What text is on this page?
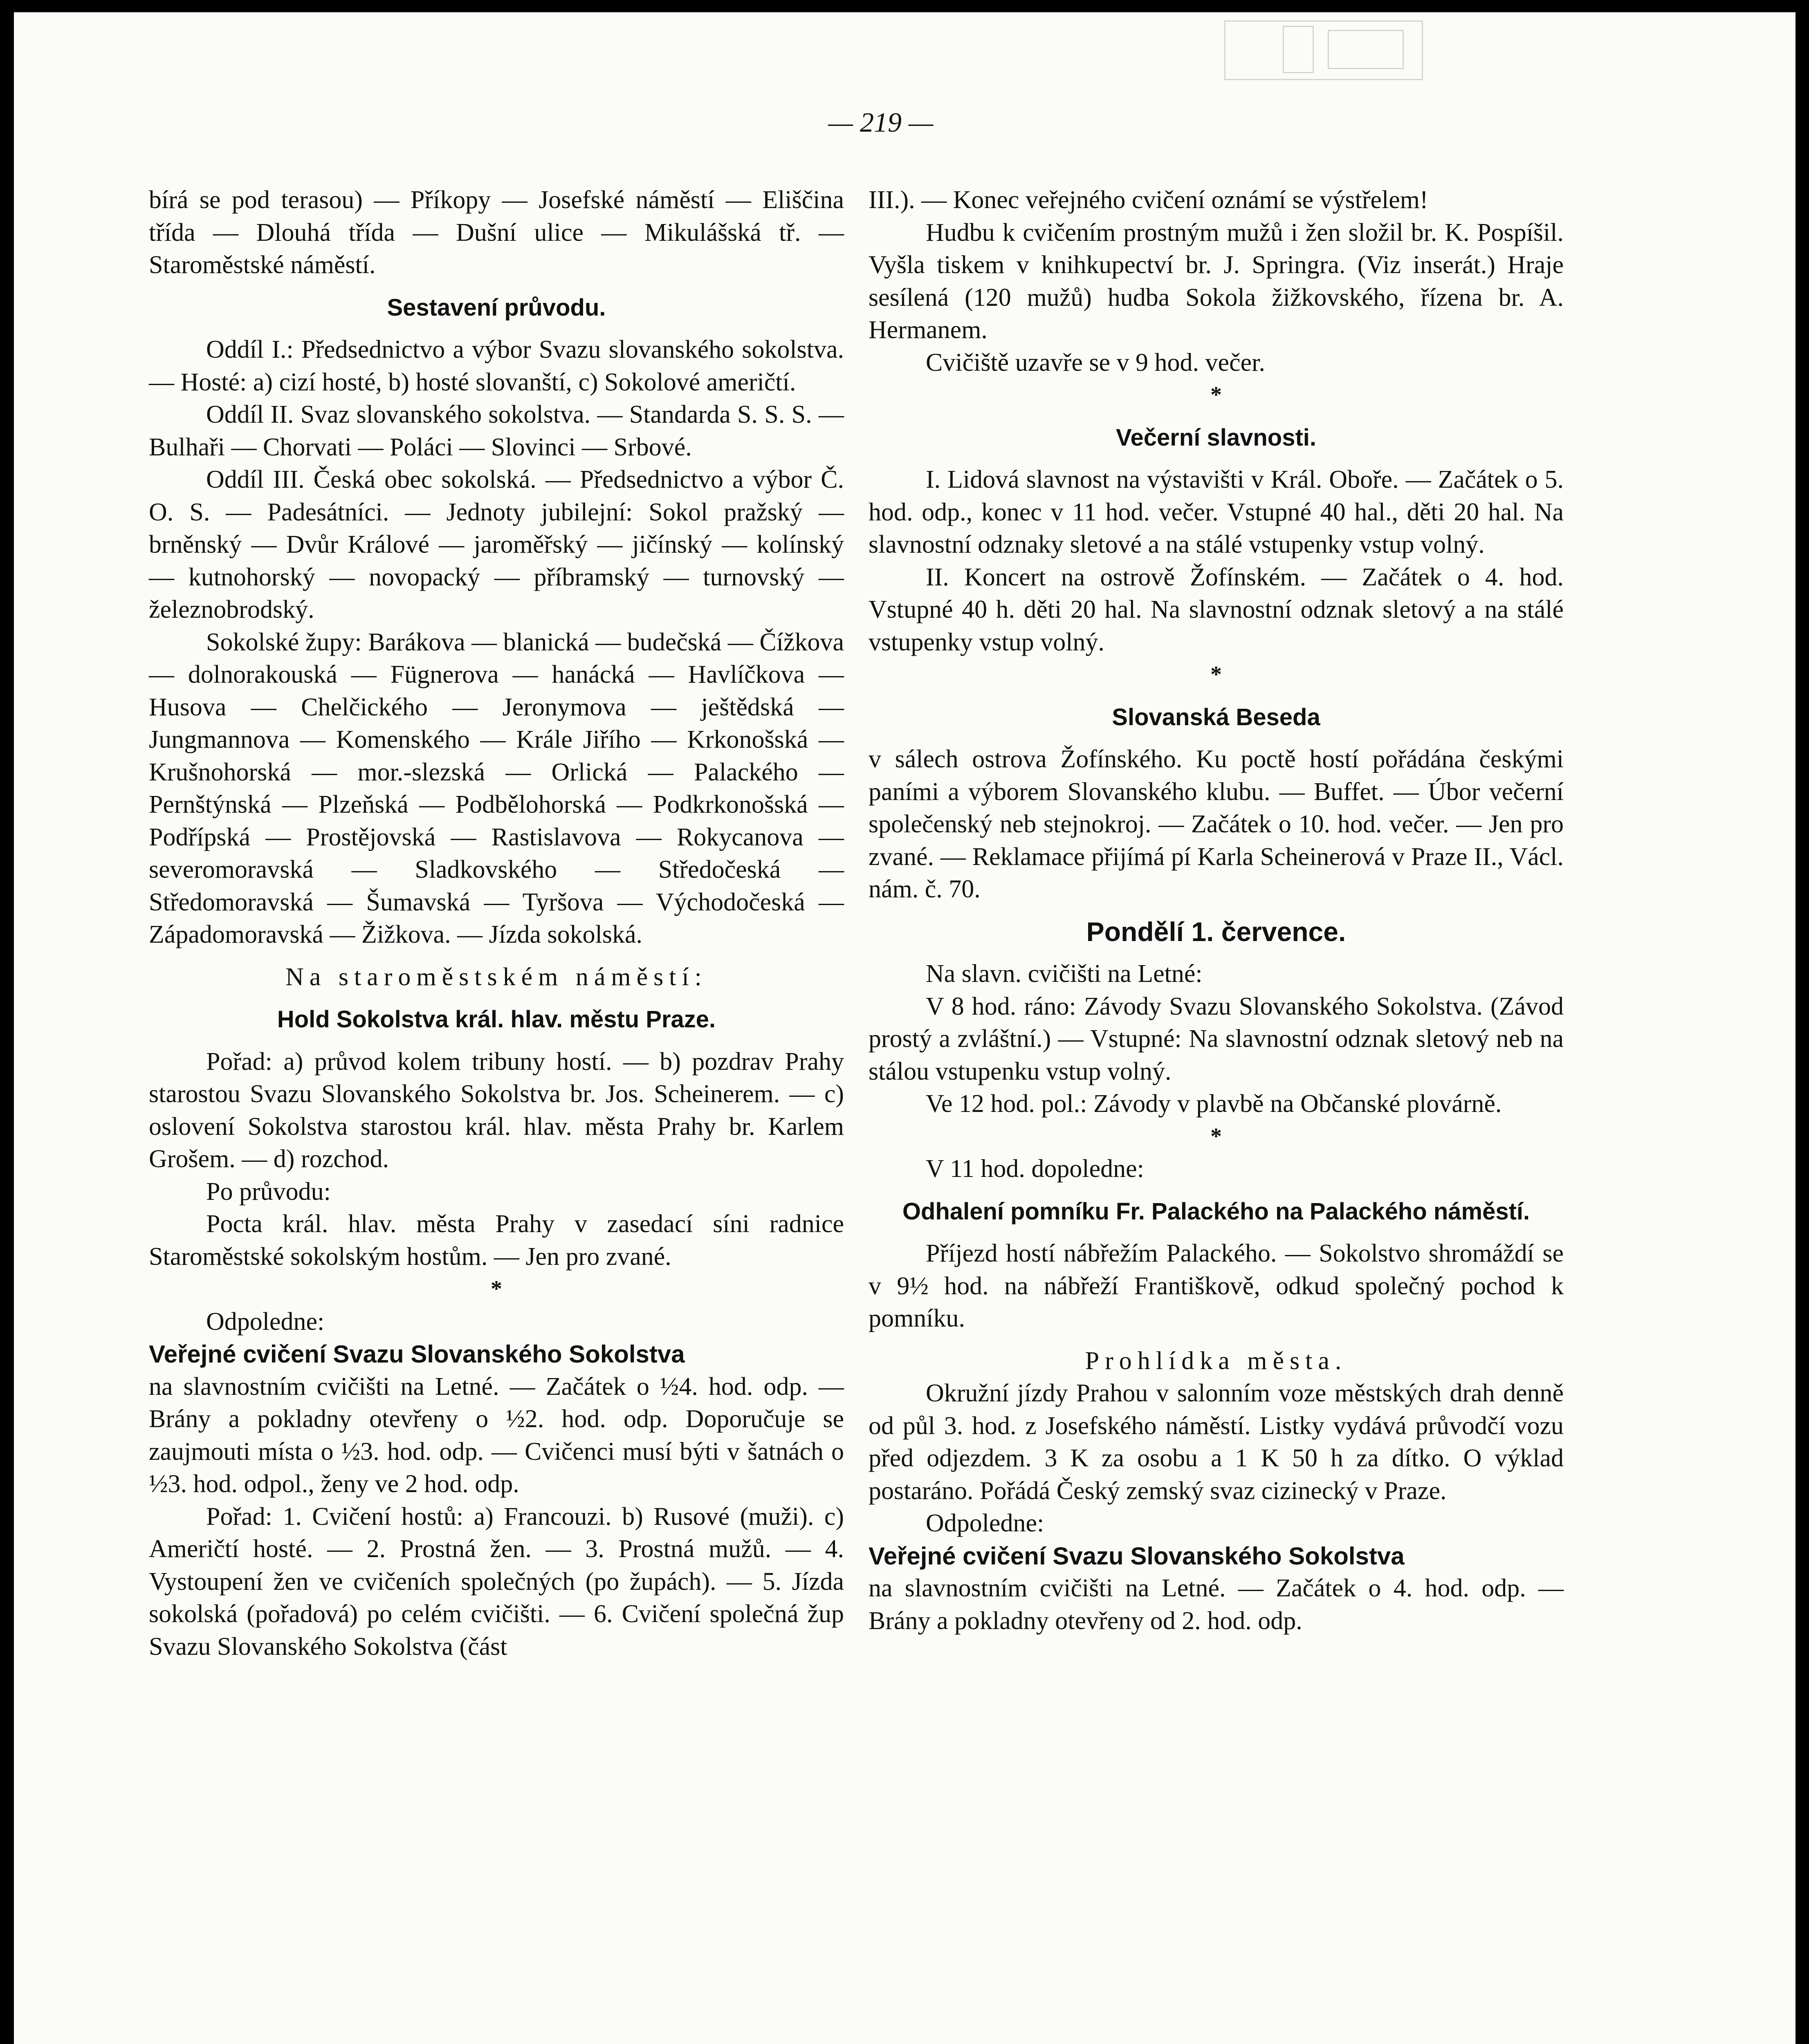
— 219 —

bírá se pod terasou) — Příkopy — Josefské náměstí — Eliščina třída — Dlouhá třída — Dušní ulice — Mikulášská tř. — Staroměstské náměstí.

Sestavení průvodu.

Oddíl I.: Předsednictvo a výbor Svazu slovanského sokolstva. — Hosté: a) cizí hosté, b) hosté slovanští, c) Sokolové američtí.

Oddíl II. Svaz slovanského sokolstva. — Standarda S. S. S. — Bulhaři — Chorvati — Poláci — Slovinci — Srbové.

Oddíl III. Česká obec sokolská. — Předsednictvo a výbor Č. O. S. — Padesátníci. — Jednoty jubilejní: Sokol pražský — brněnský — Dvůr Králové — jaroměřský — jičínský — kolínský — kutnohorský — novopacký — příbramský — turnovský — železnobrodský.

Sokolské župy: Barákova — blanická — budečská — Čížkova — dolnorakouská — Fügnerova — hanácká — Havlíčkova — Husova — Chelčického — Jeronymova — ještědská — Jungmannova — Komenského — Krále Jiřího — Krkonošská — Krušnohorská — mor.-slezská — Orlická — Palackého — Pernštýnská — Plzeňská — Podbělohorská — Podkrkonošská — Podřípská — Prostějovská — Rastislavova — Rokycanova — severomoravská — Sladkovského — Středočeská — Středomoravská — Šumavská — Tyršova — Východočeská — Západomoravská — Žižkova. — Jízda sokolská.

Na staroměstském náměstí:

Hold Sokolstva král. hlav. městu Praze.

Pořad: a) průvod kolem tribuny hostí. — b) pozdrav Prahy starostou Svazu Slovanského Sokolstva br. Jos. Scheinerem. — c) oslovení Sokolstva starostou král. hlav. města Prahy br. Karlem Grošem. — d) rozchod.

Po průvodu:

Pocta král. hlav. města Prahy v zasedací síni radnice Staroměstské sokolským hostům. — Jen pro zvané.

*

Odpoledne:

Veřejné cvičení Svazu Slovanského Sokolstva

na slavnostním cvičišti na Letné. — Začátek o ½4. hod. odp. — Brány a pokladny otevřeny o ½2. hod. odp. Doporučuje se zaujmouti místa o ½3. hod. odp. — Cvičenci musí býti v šatnách o ½3. hod. odpol., ženy ve 2 hod. odp.

Pořad: 1. Cvičení hostů: a) Francouzi. b) Rusové (muži). c) Američtí hosté. — 2. Prostná žen. — 3. Prostná mužů. — 4. Vystoupení žen ve cvičeních společných (po župách). — 5. Jízda sokolská (pořadová) po celém cvičišti. — 6. Cvičení společná žup Svazu Slovanského Sokolstva (část

III.). — Konec veřejného cvičení oznámí se výstřelem!

Hudbu k cvičením prostným mužů i žen složil br. K. Pospíšil. Vyšla tiskem v knihkupectví br. J. Springra. (Viz inserát.) Hraje sesílená (120 mužů) hudba Sokola žižkovského, řízena br. A. Hermanem.

Cvičiště uzavře se v 9 hod. večer.

*

Večerní slavnosti.

I. Lidová slavnost na výstavišti v Král. Oboře. — Začátek o 5. hod. odp., konec v 11 hod. večer. Vstupné 40 hal., děti 20 hal. Na slavnostní odznaky sletové a na stálé vstupenky vstup volný.

II. Koncert na ostrově Žofínském. — Začátek o 4. hod. Vstupné 40 h. děti 20 hal. Na slavnostní odznak sletový a na stálé vstupenky vstup volný.

*

Slovanská Beseda

v sálech ostrova Žofínského. Ku poctě hostí pořádána českými paními a výborem Slovanského klubu. — Buffet. — Úbor večerní společenský neb stejnokroj. — Začátek o 10. hod. večer. — Jen pro zvané. — Reklamace přijímá pí Karla Scheinerová v Praze II., Václ. nám. č. 70.

Pondělí 1. července.

Na slavn. cvičišti na Letné:

V 8 hod. ráno: Závody Svazu Slovanského Sokolstva. (Závod prostý a zvláštní.) — Vstupné: Na slavnostní odznak sletový neb na stálou vstupenku vstup volný.

Ve 12 hod. pol.: Závody v plavbě na Občanské plovárně.

*

V 11 hod. dopoledne:

Odhalení pomníku Fr. Palackého na Palackého náměstí.

Příjezd hostí nábřežím Palackého. — Sokolstvo shromáždí se v 9½ hod. na nábřeží Františkově, odkud společný pochod k pomníku.

Prohlídka města.

Okružní jízdy Prahou v salonním voze městských drah denně od půl 3. hod. z Josefského náměstí. Listky vydává průvodčí vozu před odjezdem. 3 K za osobu a 1 K 50 h za dítko. O výklad postaráno. Pořádá Český zemský svaz cizinecký v Praze.

Odpoledne:

Veřejné cvičení Svazu Slovanského Sokolstva

na slavnostním cvičišti na Letné. — Začátek o 4. hod. odp. — Brány a pokladny otevřeny od 2. hod. odp.
